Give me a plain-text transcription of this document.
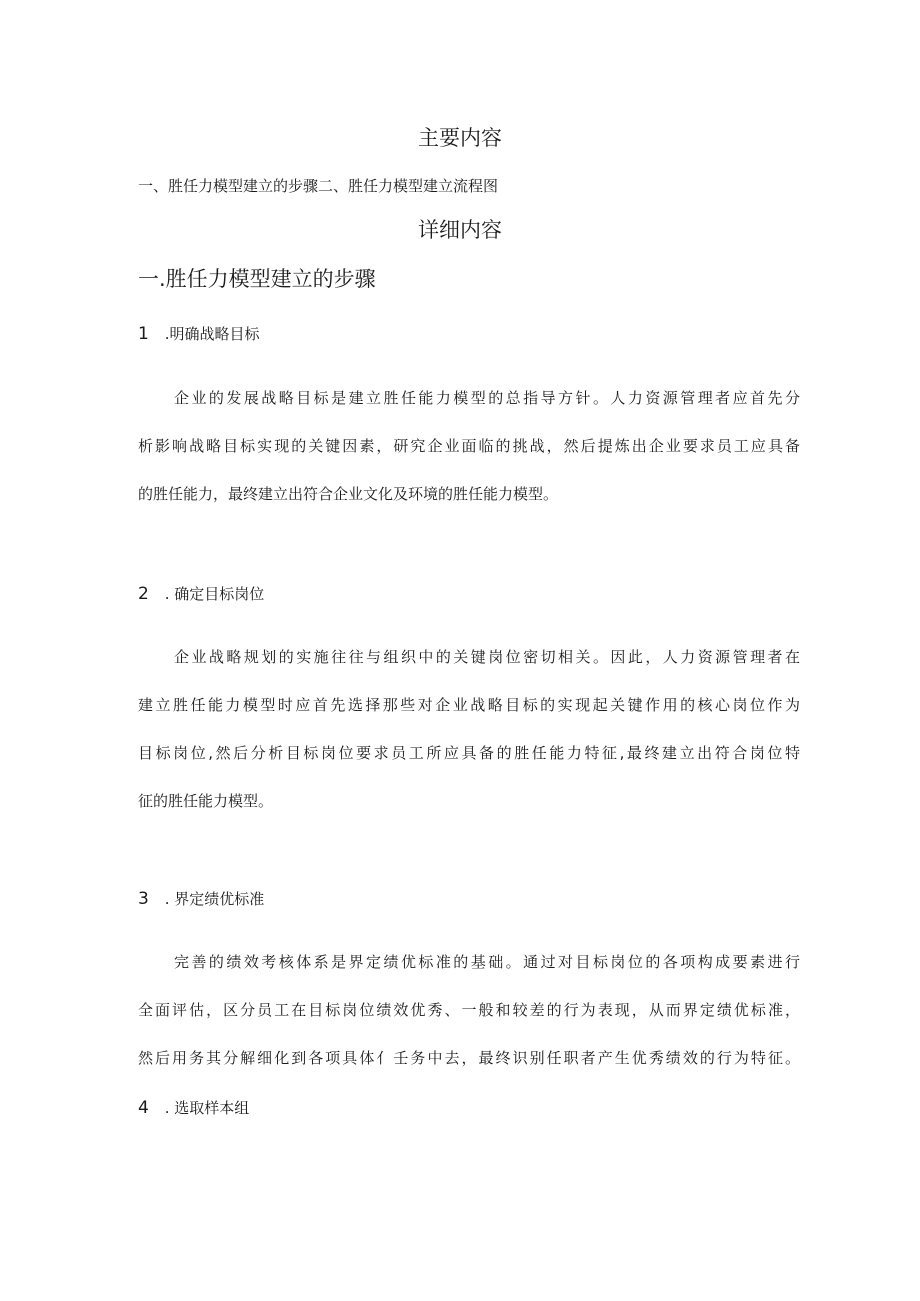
主要内容

一、胜任力模型建立的步骤二、胜任力模型建立流程图

详细内容
一.胜任力模型建立的步骤

1 .明确战略目标

企业的发展战略目标是建立胜任能力模型的总指导方针。人力资源管理者应首先分
析影响战略目标实现的关键因素，研究企业面临的挑战，然后提炼出企业要求员工应具备
的胜任能力，最终建立出符合企业文化及环境的胜任能力模型。

2 . 确定目标岗位

企业战略规划的实施往往与组织中的关键岗位密切相关。因此，人力资源管理者在
建立胜任能力模型时应首先选择那些对企业战略目标的实现起关键作用的核心岗位作为
目标岗位,然后分析目标岗位要求员工所应具备的胜任能力特征,最终建立出符合岗位特
征的胜任能力模型。

3 . 界定绩优标准

完善的绩效考核体系是界定绩优标准的基础。通过对目标岗位的各项构成要素进行
全面评估，区分员工在目标岗位绩效优秀、一般和较差的行为表现，从而界定绩优标准，
然后用务其分解细化到各项具体亻壬务中去，最终识别任职者产生优秀绩效的行为特征。

4 . 选取样本组
